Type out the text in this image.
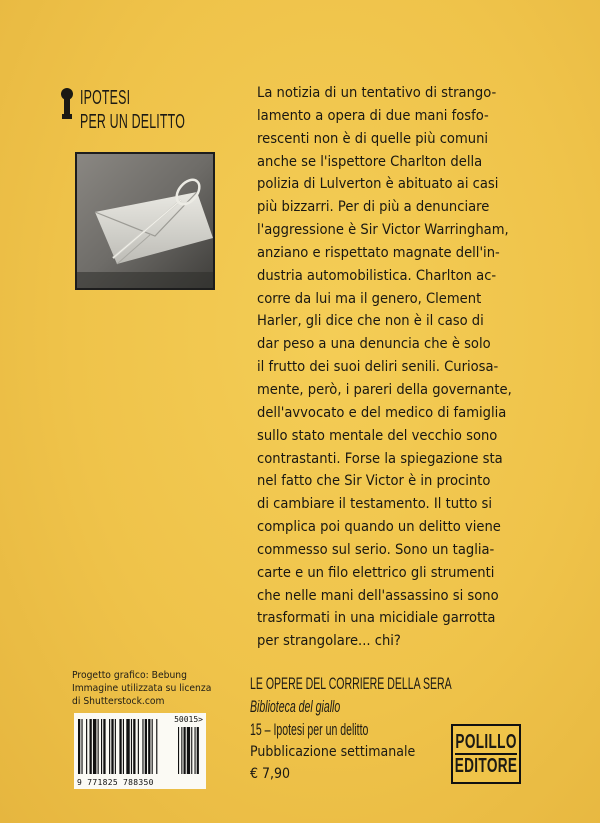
IPOTESI
PER UN DELITTO
La notizia di un tentativo di strango-
lamento a opera di due mani fosfo-
rescenti non è di quelle più comuni
anche se l'ispettore Charlton della
polizia di Lulverton è abituato ai casi
più bizzarri. Per di più a denunciare
l'aggressione è Sir Victor Warringham,
anziano e rispettato magnate dell'in-
dustria automobilistica. Charlton ac-
corre da lui ma il genero, Clement
Harler, gli dice che non è il caso di
dar peso a una denuncia che è solo
il frutto dei suoi deliri senili. Curiosa-
mente, però, i pareri della governante,
dell'avvocato e del medico di famiglia
sullo stato mentale del vecchio sono
contrastanti. Forse la spiegazione sta
nel fatto che Sir Victor è in procinto
di cambiare il testamento. Il tutto si
complica poi quando un delitto viene
commesso sul serio. Sono un taglia-
carte e un filo elettrico gli strumenti
che nelle mani dell'assassino si sono
trasformati in una micidiale garrotta
per strangolare... chi?
Progetto grafico: Bebung
Immagine utilizzata su licenza
di Shutterstock.com
50015>
9 771825 788350
LE OPERE DEL CORRIERE DELLA SERA
Biblioteca del giallo
15 – Ipotesi per un delitto
Pubblicazione settimanale
€ 7,90
POLILLO
EDITORE
